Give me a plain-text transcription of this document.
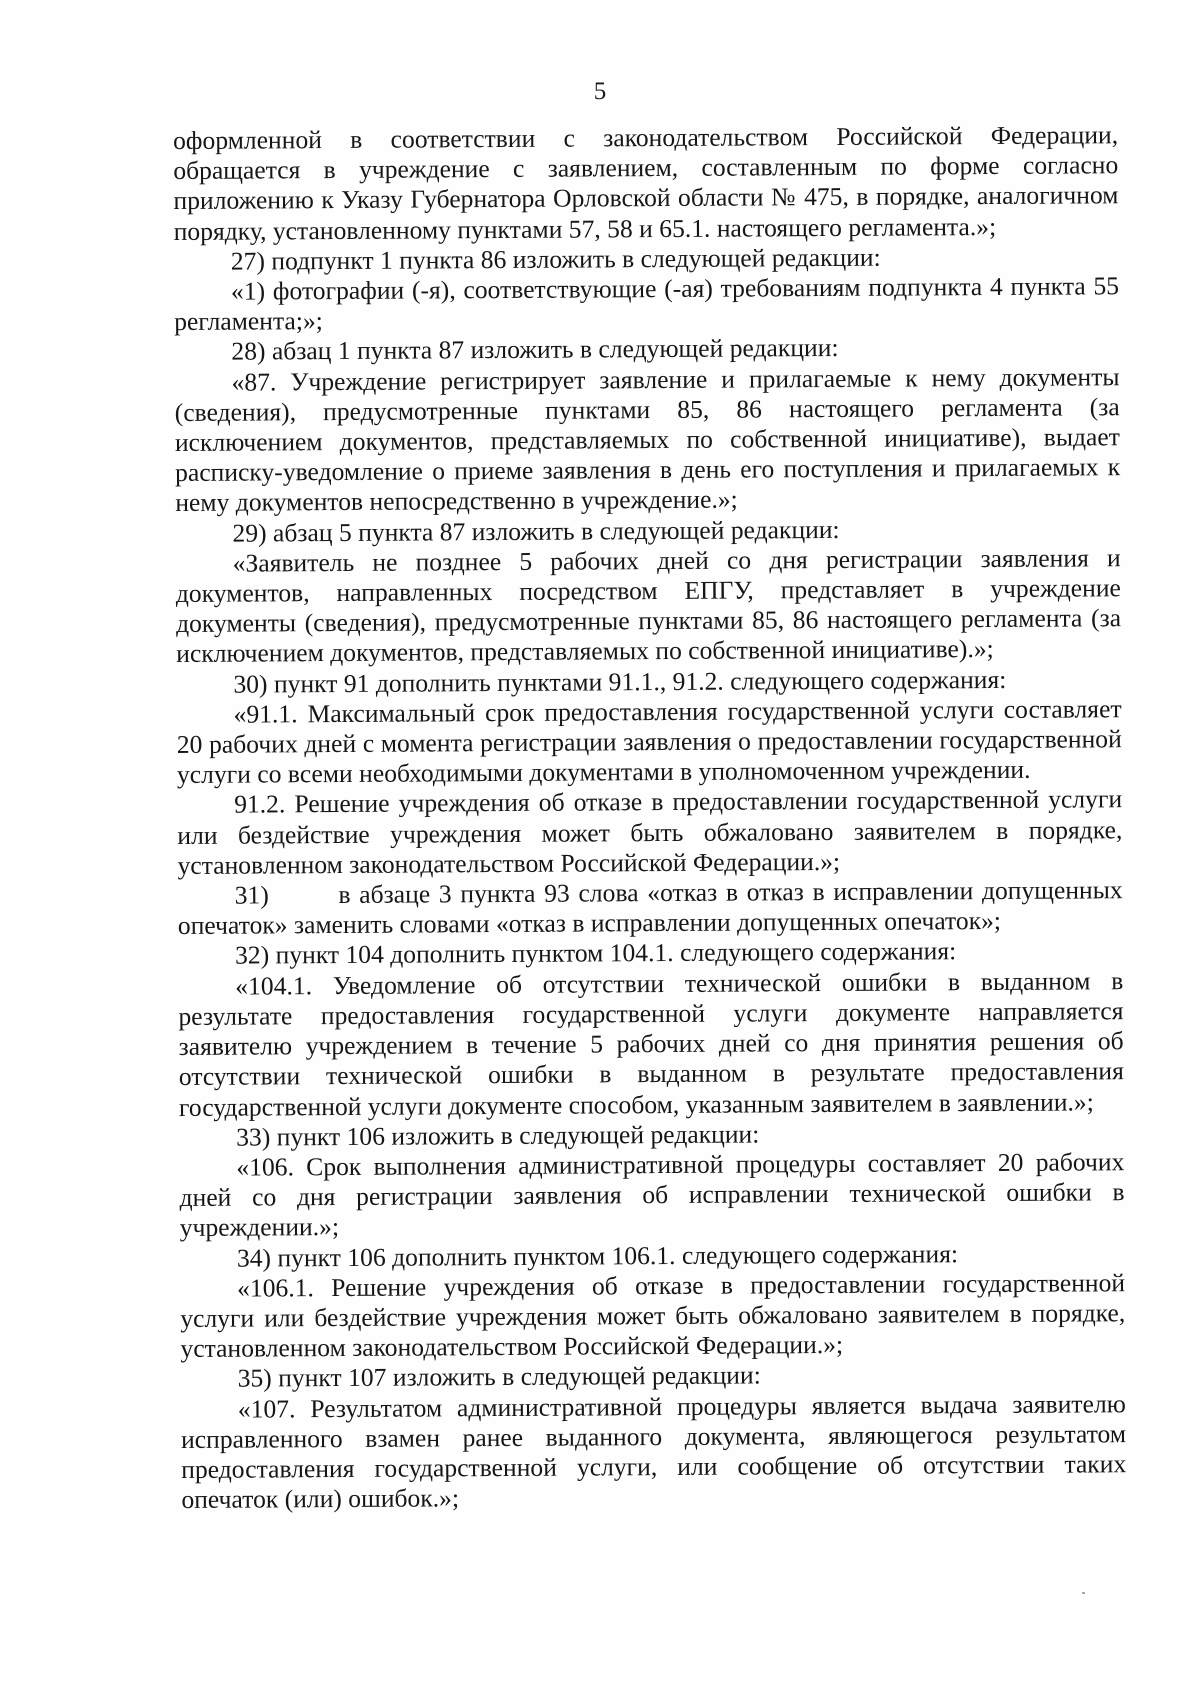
5

оформленной в соответствии с законодательством Российской Федерации, обращается в учреждение с заявлением, составленным по форме согласно приложению к Указу Губернатора Орловской области № 475, в порядке, аналогичном порядку, установленному пунктами 57, 58 и 65.1. настоящего регламента.»;

27) подпункт 1 пункта 86 изложить в следующей редакции:

«1) фотографии (-я), соответствующие (-ая) требованиям подпункта 4 пункта 55 регламента;»;

28) абзац 1 пункта 87 изложить в следующей редакции:

«87. Учреждение регистрирует заявление и прилагаемые к нему документы (сведения), предусмотренные пунктами 85, 86 настоящего регламента (за исключением документов, представляемых по собственной инициативе), выдает расписку-уведомление о приеме заявления в день его поступления и прилагаемых к нему документов непосредственно в учреждение.»;

29) абзац 5 пункта 87 изложить в следующей редакции:

«Заявитель не позднее 5 рабочих дней со дня регистрации заявления и документов, направленных посредством ЕПГУ, представляет в учреждение документы (сведения), предусмотренные пунктами 85, 86 настоящего регламента (за исключением документов, представляемых по собственной инициативе).»;

30) пункт 91 дополнить пунктами 91.1., 91.2. следующего содержания:

«91.1. Максимальный срок предоставления государственной услуги составляет 20 рабочих дней с момента регистрации заявления о предоставлении государственной услуги со всеми необходимыми документами в уполномоченном учреждении.

91.2. Решение учреждения об отказе в предоставлении государственной услуги или бездействие учреждения может быть обжаловано заявителем в порядке, установленном законодательством Российской Федерации.»;

31)        в абзаце 3 пункта 93 слова «отказ в отказ в исправлении допущенных опечаток» заменить словами «отказ в исправлении допущенных опечаток»;

32) пункт 104 дополнить пунктом 104.1. следующего содержания:

«104.1. Уведомление об отсутствии технической ошибки в выданном в результате предоставления государственной услуги документе направляется заявителю учреждением в течение 5 рабочих дней со дня принятия решения об отсутствии технической ошибки в выданном в результате предоставления государственной услуги документе способом, указанным заявителем в заявлении.»;

33) пункт 106 изложить в следующей редакции:

«106. Срок выполнения административной процедуры составляет 20 рабочих дней со дня регистрации заявления об исправлении технической ошибки в учреждении.»;

34) пункт 106 дополнить пунктом 106.1. следующего содержания:

«106.1. Решение учреждения об отказе в предоставлении государственной услуги или бездействие учреждения может быть обжаловано заявителем в порядке, установленном законодательством Российской Федерации.»;

35) пункт 107 изложить в следующей редакции:

«107. Результатом административной процедуры является выдача заявителю исправленного взамен ранее выданного документа, являющегося результатом предоставления государственной услуги, или сообщение об отсутствии таких опечаток (или) ошибок.»;
